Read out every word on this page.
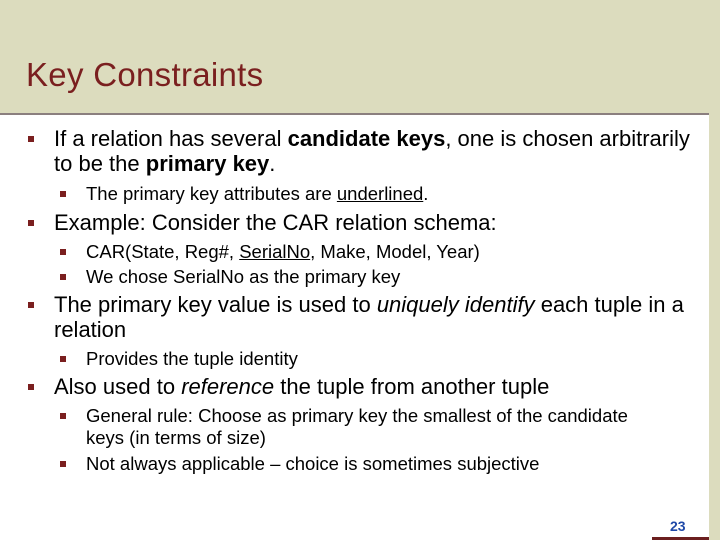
Key Constraints
If a relation has several candidate keys, one is chosen arbitrarily to be the primary key.
The primary key attributes are underlined.
Example: Consider the CAR relation schema:
CAR(State, Reg#, SerialNo, Make, Model, Year)
We chose SerialNo as the primary key
The primary key value is used to uniquely identify each tuple in a relation
Provides the tuple identity
Also used to reference the tuple from another tuple
General rule: Choose as primary key the smallest of the candidate keys (in terms of size)
Not always applicable – choice is sometimes subjective
23
